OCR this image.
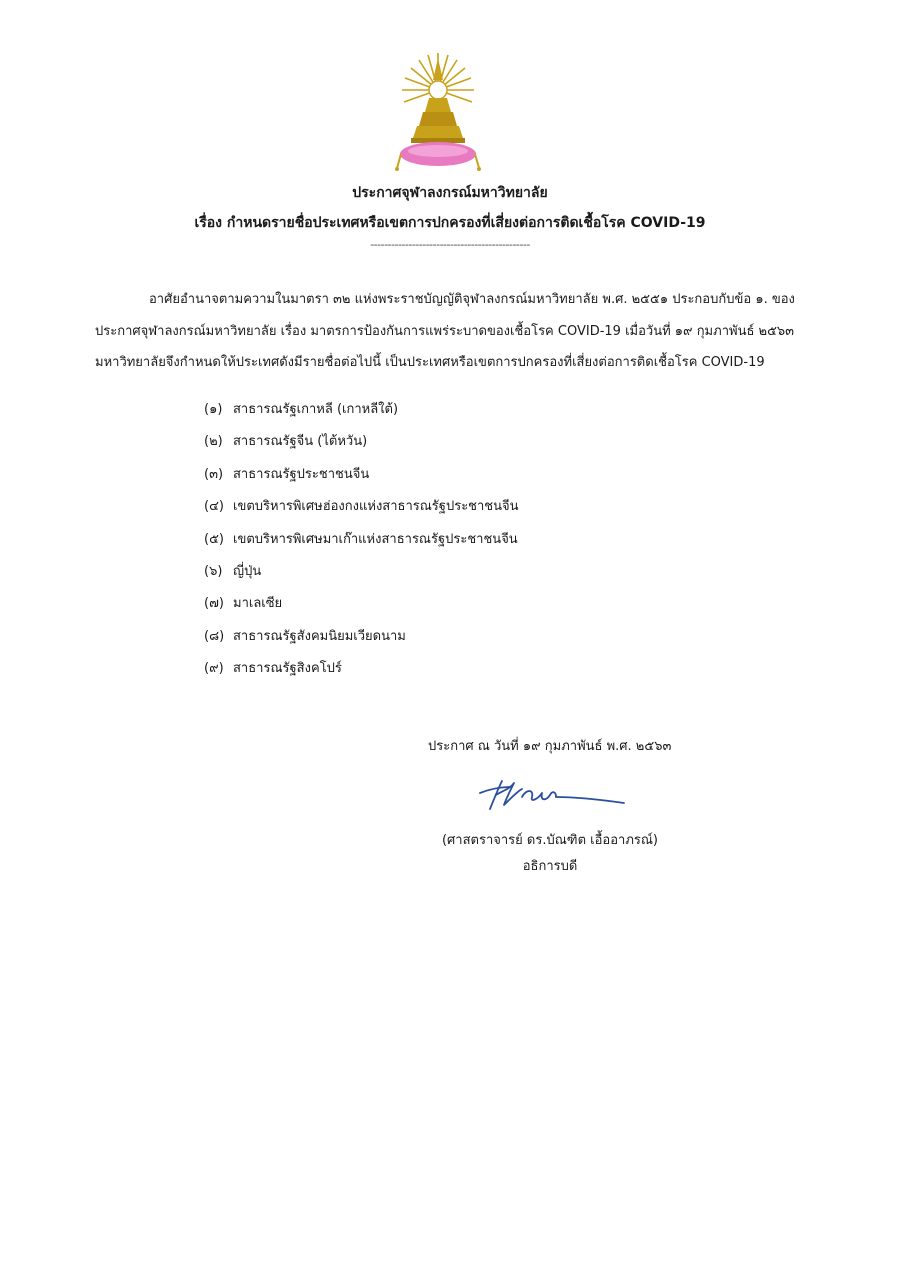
ประกาศจุฬาลงกรณ์มหาวิทยาลัย
เรื่อง กำหนดรายชื่อประเทศหรือเขตการปกครองที่เสี่ยงต่อการติดเชื้อโรค COVID-19
----------------------------------------------
อาศัยอำนาจตามความในมาตรา ๓๒ แห่งพระราชบัญญัติจุฬาลงกรณ์มหาวิทยาลัย พ.ศ. ๒๕๕๑ ประกอบกับข้อ ๑. ของ
ประกาศจุฬาลงกรณ์มหาวิทยาลัย เรื่อง มาตรการป้องกันการแพร่ระบาดของเชื้อโรค COVID-19 เมื่อวันที่ ๑๙ กุมภาพันธ์ ๒๕๖๓
มหาวิทยาลัยจึงกำหนดให้ประเทศดังมีรายชื่อต่อไปนี้ เป็นประเทศหรือเขตการปกครองที่เสี่ยงต่อการติดเชื้อโรค COVID-19
(๑) สาธารณรัฐเกาหลี (เกาหลีใต้)
(๒) สาธารณรัฐจีน (ไต้หวัน)
(๓) สาธารณรัฐประชาชนจีน
(๔) เขตบริหารพิเศษฮ่องกงแห่งสาธารณรัฐประชาชนจีน
(๕) เขตบริหารพิเศษมาเก๊าแห่งสาธารณรัฐประชาชนจีน
(๖) ญี่ปุ่น
(๗) มาเลเซีย
(๘) สาธารณรัฐสังคมนิยมเวียดนาม
(๙) สาธารณรัฐสิงคโปร์
ประกาศ ณ วันที่ ๑๙ กุมภาพันธ์ พ.ศ. ๒๕๖๓
(ศาสตราจารย์ ดร.บัณฑิต เอื้ออาภรณ์)
อธิการบดี
